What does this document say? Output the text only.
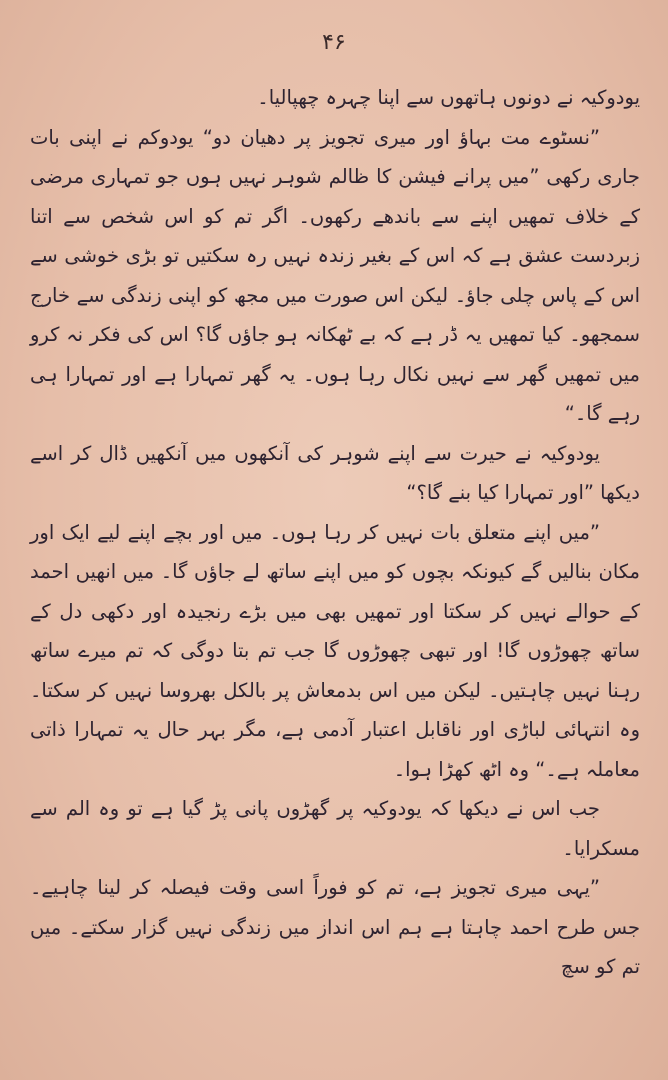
۴۶

یودوکیہ نے دونوں ہاتھوں سے اپنا چہرہ چھپالیا۔

”نسٹوے مت بہاؤ اور میری تجویز پر دھیان دو“ یودوکم نے اپنی بات جاری رکھی ”میں پرانے فیشن کا ظالم شوہر نہیں ہوں جو تمہاری مرضی کے خلاف تمھیں اپنے سے باندھے رکھوں۔ اگر تم کو اس شخص سے اتنا زبردست عشق ہے کہ اس کے بغیر زندہ نہیں رہ سکتیں تو بڑی خوشی سے اس کے پاس چلی جاؤ۔ لیکن اس صورت میں مجھ کو اپنی زندگی سے خارج سمجھو۔ کیا تمھیں یہ ڈر ہے کہ بے ٹھکانہ ہو جاؤں گا؟ اس کی فکر نہ کرو میں تمھیں گھر سے نہیں نکال رہا ہوں۔ یہ گھر تمہارا ہے اور تمہارا ہی رہے گا۔“

یودوکیہ نے حیرت سے اپنے شوہر کی آنکھوں میں آنکھیں ڈال کر اسے دیکھا ”اور تمہارا کیا بنے گا؟“

”میں اپنے متعلق بات نہیں کر رہا ہوں۔ میں اور بچے اپنے لیے ایک اور مکان بنالیں گے کیونکہ بچوں کو میں اپنے ساتھ لے جاؤں گا۔ میں انھیں احمد کے حوالے نہیں کر سکتا اور تمھیں بھی میں بڑے رنجیدہ اور دکھی دل کے ساتھ چھوڑوں گا! اور تبھی چھوڑوں گا جب تم بتا دوگی کہ تم میرے ساتھ رہنا نہیں چاہتیں۔ لیکن میں اس بدمعاش پر بالکل بھروسا نہیں کر سکتا۔ وہ انتہائی لباڑی اور ناقابل اعتبار آدمی ہے، مگر بہر حال یہ تمہارا ذاتی معاملہ ہے۔“ وہ اٹھ کھڑا ہوا۔

جب اس نے دیکھا کہ یودوکیہ پر گھڑوں پانی پڑ گیا ہے تو وہ الم سے مسکرایا۔

”یہی میری تجویز ہے، تم کو فوراً اسی وقت فیصلہ کر لینا چاہیے۔ جس طرح احمد چاہتا ہے ہم اس انداز میں زندگی نہیں گزار سکتے۔ میں تم کو سچ
